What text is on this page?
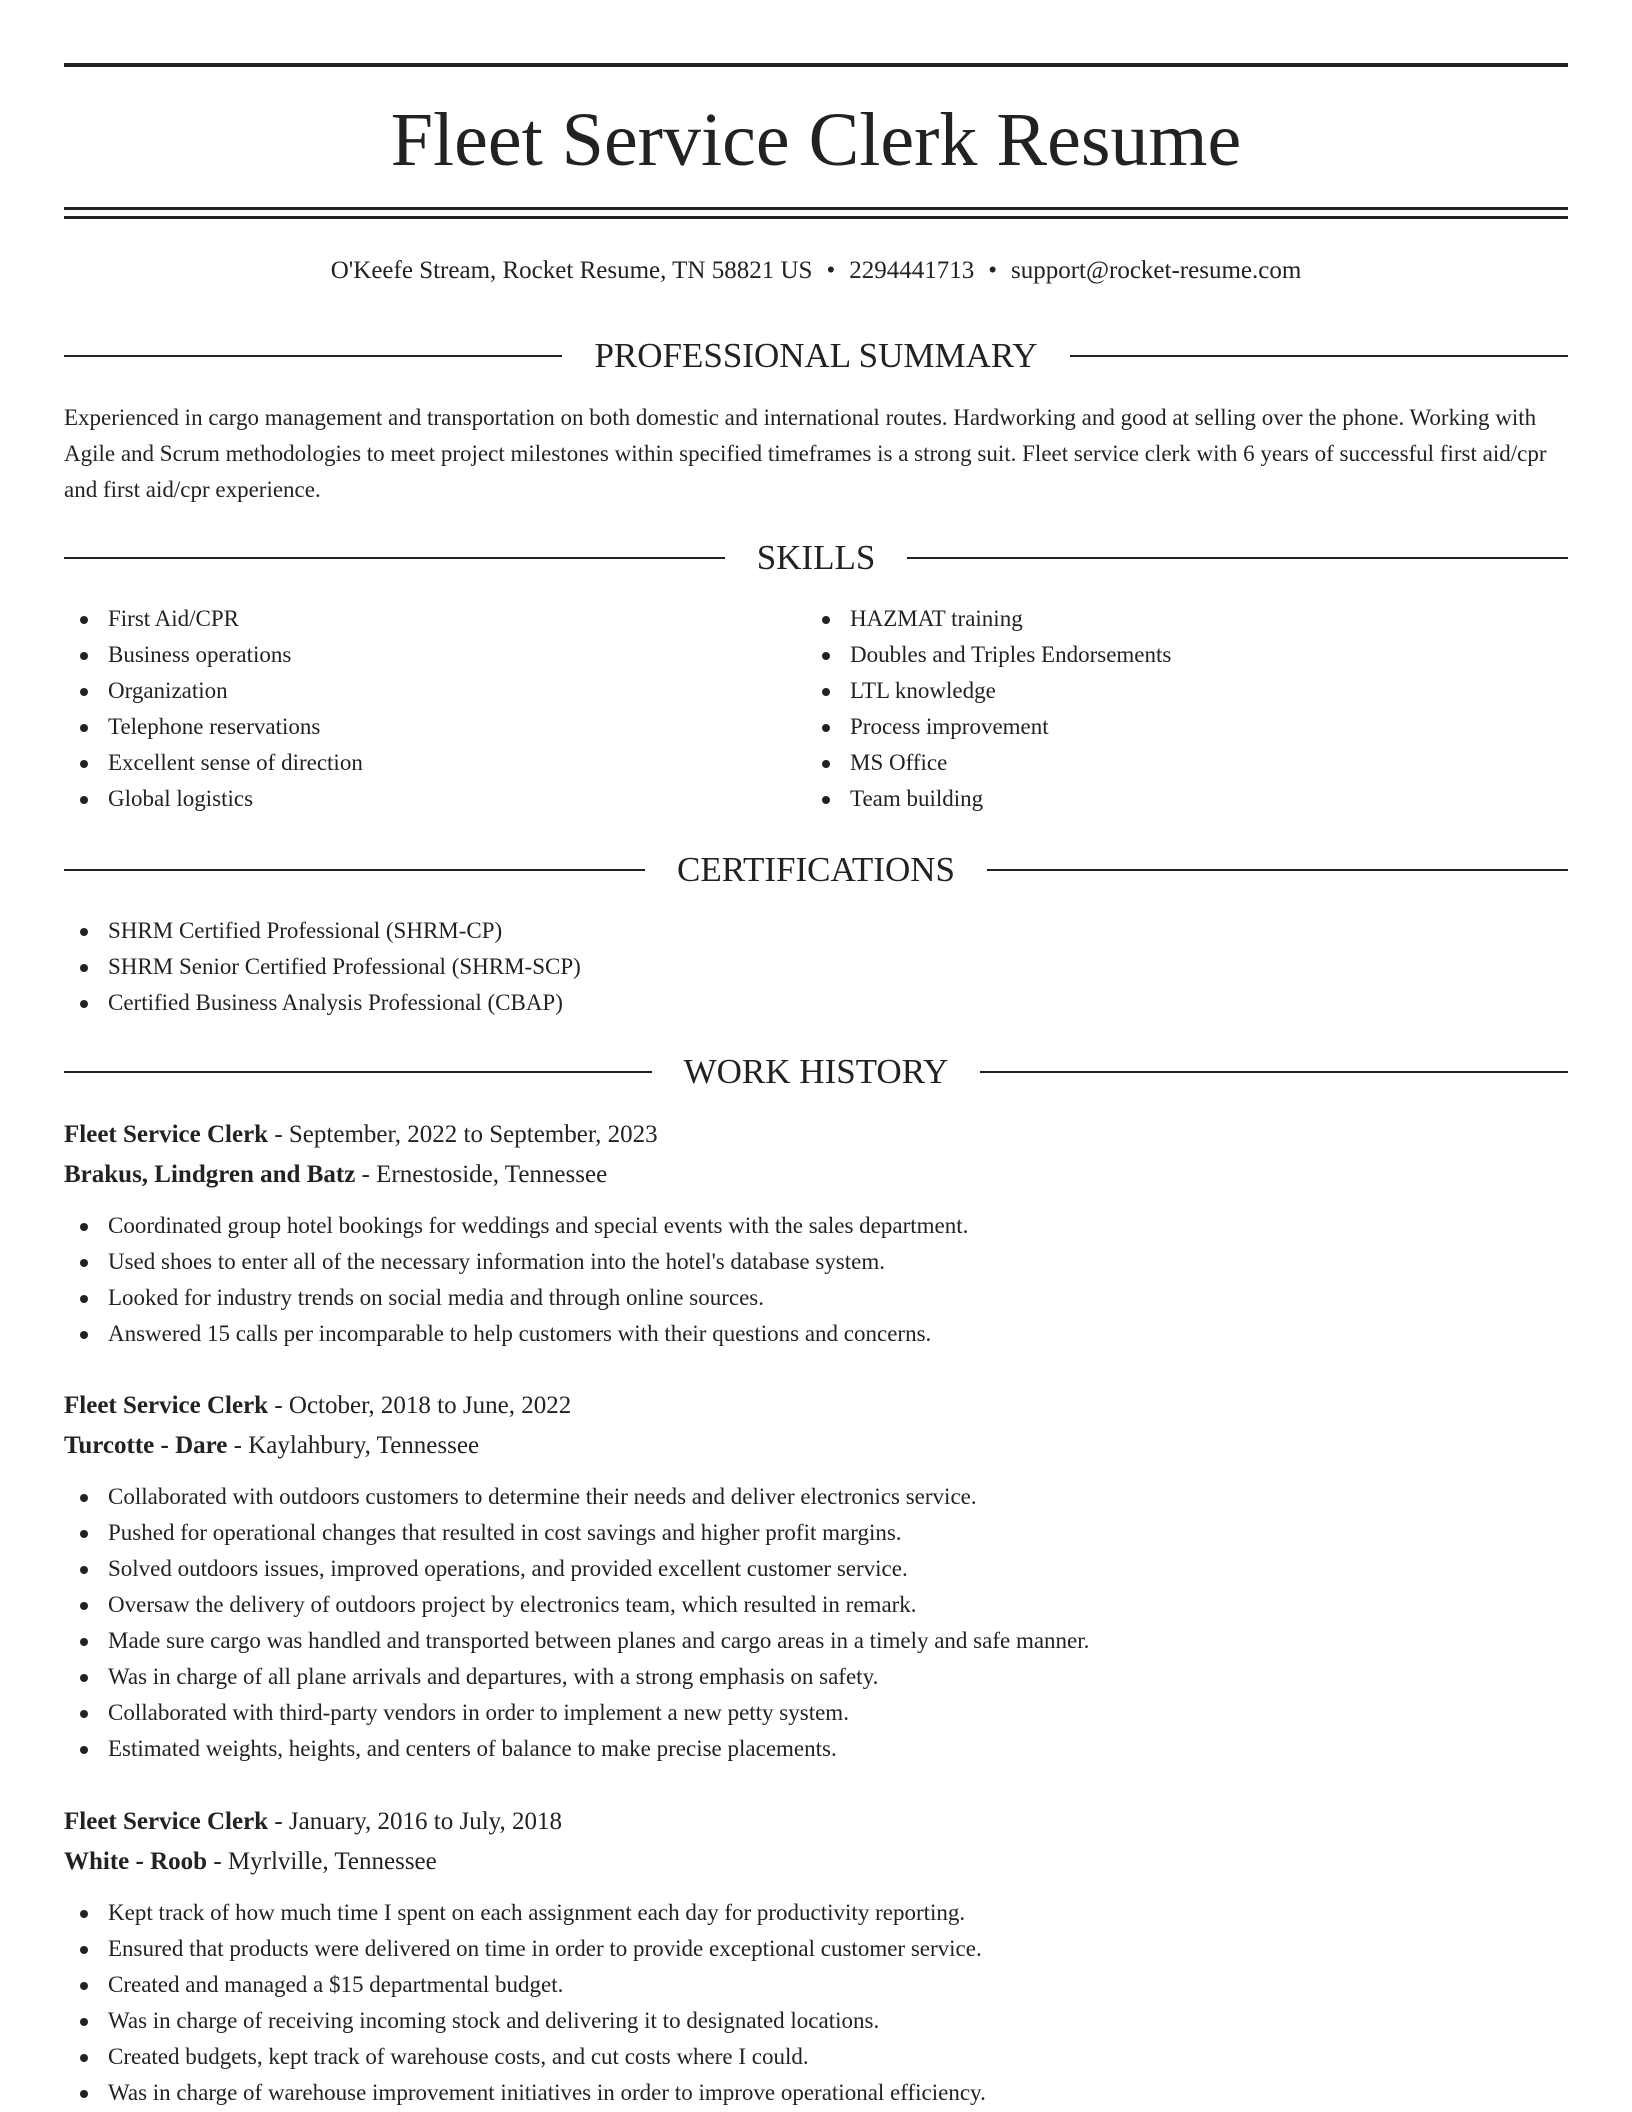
Fleet Service Clerk Resume
O'Keefe Stream, Rocket Resume, TN 58821 US • 2294441713 • support@rocket-resume.com
PROFESSIONAL SUMMARY

Experienced in cargo management and transportation on both domestic and international routes. Hardworking and good at selling over the phone. Working with Agile and Scrum methodologies to meet project milestones within specified timeframes is a strong suit. Fleet service clerk with 6 years of successful first aid/cpr and first aid/cpr experience.

SKILLS
First Aid/CPR
Business operations
Organization
Telephone reservations
Excellent sense of direction
Global logistics
HAZMAT training
Doubles and Triples Endorsements
LTL knowledge
Process improvement
MS Office
Team building
CERTIFICATIONS
SHRM Certified Professional (SHRM-CP)
SHRM Senior Certified Professional (SHRM-SCP)
Certified Business Analysis Professional (CBAP)
WORK HISTORY
Fleet Service Clerk - September, 2022 to September, 2023
Brakus, Lindgren and Batz - Ernestoside, Tennessee
Coordinated group hotel bookings for weddings and special events with the sales department.
Used shoes to enter all of the necessary information into the hotel's database system.
Looked for industry trends on social media and through online sources.
Answered 15 calls per incomparable to help customers with their questions and concerns.
Fleet Service Clerk - October, 2018 to June, 2022
Turcotte - Dare - Kaylahbury, Tennessee
Collaborated with outdoors customers to determine their needs and deliver electronics service.
Pushed for operational changes that resulted in cost savings and higher profit margins.
Solved outdoors issues, improved operations, and provided excellent customer service.
Oversaw the delivery of outdoors project by electronics team, which resulted in remark.
Made sure cargo was handled and transported between planes and cargo areas in a timely and safe manner.
Was in charge of all plane arrivals and departures, with a strong emphasis on safety.
Collaborated with third-party vendors in order to implement a new petty system.
Estimated weights, heights, and centers of balance to make precise placements.
Fleet Service Clerk - January, 2016 to July, 2018
White - Roob - Myrlville, Tennessee
Kept track of how much time I spent on each assignment each day for productivity reporting.
Ensured that products were delivered on time in order to provide exceptional customer service.
Created and managed a $15 departmental budget.
Was in charge of receiving incoming stock and delivering it to designated locations.
Created budgets, kept track of warehouse costs, and cut costs where I could.
Was in charge of warehouse improvement initiatives in order to improve operational efficiency.
